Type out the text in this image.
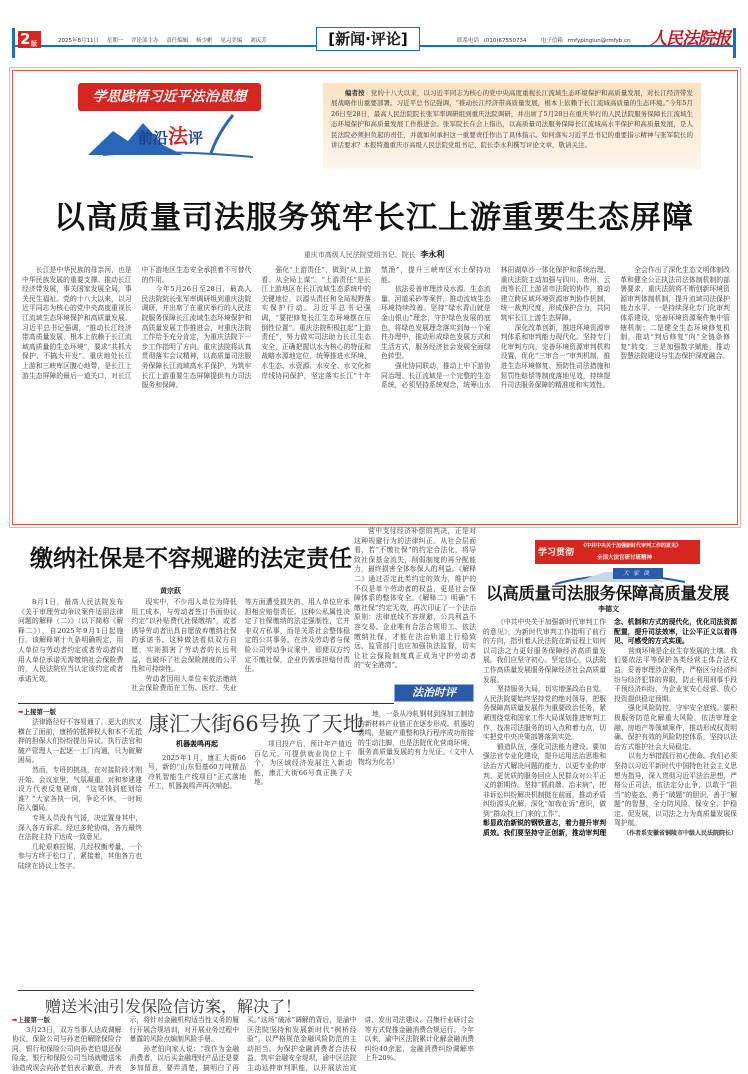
2 版	2025年8月11日 星期一 评论部主办 责任编辑 杨少彬 见习美编 刘庆芳	[新闻·评论]	联系电话 (010)67550734	电子信箱 rmfypinglun@rmfyb.cn 人民法院报
学思践悟习近平法治思想
前沿法评
编者按 党的十八大以来，以习近平同志为核心的党中央高度重视长江流域生态环境保护和高质量发展，对长江经济带发展战略作出重要部署。习近平总书记强调，“推动长江经济带高质量发展，根本上依赖于长江流域高质量的生态环境。”今年5月26日至28日，最高人民法院院长张军率调研组到重庆法院调研，并出席了5月28日在重庆举行的人民法院服务保障长江流域生态环境保护和高质量发展工作推进会。张军院长在会上指出，以高质量司法服务保障长江流域高水平保护和高质量发展，是人民法院必须担负起的责任，并就如何承担这一重要责任作出了具体指示。如何落实习近平总书记的重要指示精神与张军院长的讲话要求？本报特邀重庆市高级人民法院党组书记、院长李永利撰写评论文章，敬请关注。
以高质量司法服务筑牢长江上游重要生态屏障
重庆市高级人民法院党组书记、院长 李永利

长江是中华民族的母亲河，也是中华民族发展的重要支撑。推动长江经济带发展，事关国家发展全局，事关民生福祉。党的十八大以来，以习近平同志为核心的党中央高度重视长江流域生态环境保护和高质量发展。习近平总书记强调，“推动长江经济带高质量发展，根本上依赖于长江流域高质量的生态环境”，要求“共抓大保护、不搞大开发”。重庆地处长江上游和三峡库区腹心地带，是长江上游生态屏障的最后一道关口，对长江中下游地区生态安全承担着不可替代的作用。

今年5月26日至28日，最高人民法院院长张军率调研组到重庆法院调研，并出席了在重庆举行的人民法院服务保障长江流域生态环境保护和高质量发展工作推进会，对重庆法院工作给予充分肯定，为重庆法院下一步工作指明了方向。重庆法院将认真贯彻落实会议精神，以高质量司法服务保障长江流域高水平保护，为筑牢长江上游重要生态屏障提供有力司法服务和保障。

强化“上游责任”，做到“从上游看、从全局上谋”。“上游责任”是长江上游地区在长江流域生态系统中的关键地位，以源头责任和全局视野落实保护行动。习近平总书记强调，“要把修复长江生态环境摆在压倒性位置”。重庆法院积极扛起“上游责任”，努力做实司法助力长江生态安全，正确把握以水为核心的特征和战略水源地定位，统筹推进水环境、水生态、水资源、水安全、水文化和岸线协同保护，坚定落实长江“十年禁渔”，提升三峡库区水土保持功能。

依法妥善审理涉及水源、生态流量、河道采砂等案件，推动流域生态环境持续改善。坚持“绿水青山就是金山银山”理念，守护绿色发展的底色，将绿色发展理念落实到每一个案件办理中，推动形成绿色发展方式和生活方式，服务经济社会发展全面绿色转型。

强化协同联动，推动上中下游协同治理。长江流域是一个完整的生态系统，必须坚持系统观念，统筹山水林田湖草沙一体化保护和系统治理。重庆法院主动加强与四川、贵州、云南等长江上游省市法院的协作，推动建立跨区域环境资源审判协作机制，统一裁判尺度，形成保护合力，共同筑牢长江上游生态屏障。

深化改革创新，推进环境资源审判体系和审判能力现代化。坚持专门化审判方向，完善环境资源审判机构设置，优化“三审合一”审判机制，推进生态环境修复、预防性司法措施和惩罚性赔偿等制度落地见效，持续提升司法服务保障的精准度和实效性。

全会作出了深化生态文明体制改革和健全公正执法司法体制机制的部署要求，重庆法院将不断创新环境资源审判体制机制，提升流域司法保护能力水平。一是持续深化专门化审判体系建设，完善环境资源案件集中管辖机制；二是健全生态环境修复机制，推动“判后修复”向“全链条修复”转变；三是加强数字赋能，推动智慧法院建设与生态保护深度融合。

缴纳社保是不容规避的法定责任
黄宗跃

8月1日，最高人民法院发布《关于审理劳动争议案件适用法律问题的解释（二）》（以下简称《解释二》），自2025年9月1日起施行。该解释第十九条明确规定，用人单位与劳动者约定或者劳动者向用人单位承诺无需缴纳社会保险费的，人民法院应当认定该约定或者承诺无效。

现实中，不少用人单位为降低用工成本，与劳动者签订书面协议约定“以补贴费代社保缴纳”，或者诱导劳动者出具自愿放弃缴纳社保的承诺书。这种做法看似双方自愿，实则损害了劳动者的长远利益，也破坏了社会保险制度的公平性和可持续性。

劳动者因用人单位未依法缴纳社会保险费而在工伤、医疗、失业等方面遭受损失的，用人单位应承担相应赔偿责任。这种公私属性决定了社保缴纳的法定强制性，它并非双方私事，而是关系社会整体稳定的公共事务。在涉及劳动者与保险公司劳动争议案中，即便双方约定不缴社保，企业仍需承担赔付责任。

营中支付经济补偿的判决，正是对这种规避行为的法律纠正。从社会层面看，若“不缴社保”的约定合法化，将导致社保基金流失，削弱制度的再分配能力，最终损害全体参保人的利益。《解释二》通过否定此类约定的效力，维护的不仅是单个劳动者的权益，更是社会保障体系的整体安全。《解释二》明确“不缴社保”约定无效，再次印证了一个法治原则：法律底线不容规避，公共利益不容交易。企业唯有合法合规用工、依法缴纳社保，才能在法治轨道上行稳致远，监管部门也应加强执法监督，切实让社会保险制度真正成为守护劳动者的“安全港湾”。

法治时评
学习贯彻
《中共中央关于加强新时代审判工作的意见》
全国大法官研讨班精神
大家谈
以高质量司法服务保障高质量发展
李德文

《中共中央关于加强新时代审判工作的意见》，为新时代审判工作指明了前行的方向，指引着人民法院在新征程上如何以司法之力更好服务保障经济高质量发展。我们应坚守初心、坚定信心，以法院工作高质量发展服务保障经济社会高质量发展。

坚持服务大局，切实增强政治自觉。人民法院要始终坚持党的绝对领导，把服务保障高质量发展作为重要政治任务，紧紧围绕党和国家工作大局谋划推进审判工作，找准司法服务的切入点和着力点，切实把党中央决策部署落到实处。

锻造队伍，强化司法能力建设。要加强法官专业化建设，提升运用法治思维和法治方式解决问题的能力，以更专业的审判、更优质的服务回应人民群众对公平正义的新期待。坚持“抓前端、治未病”，把非诉讼纠纷解决机制挺在前面，推动矛盾纠纷源头化解，深化“如我在诉”意识，做到“群众找上门来的工作”。

彰显政治新锐的钢铁意志，着力提升审判质效。我们要坚持守正创新，推动审判理念、机制和方式的现代化，优化司法资源配置，提升司法效率，让公平正义以看得见、可感受的方式实现。

营商环境是企业生存发展的土壤。我们要依法平等保护各类经营主体合法权益，妥善审理涉企案件，严格区分经济纠纷与经济犯罪的界限，防止利用刑事手段干预经济纠纷，为企业家安心经营、放心投资提供稳定预期。

强化风险防控，守牢安全底线。要积极服务防范化解重大风险，依法审理金融、房地产等领域案件，推动形成权责明确、保护有效的风险防控体系，坚持以法治方式维护社会大局稳定。

以有力举措践行初心使命。我们必须坚持以习近平新时代中国特色社会主义思想为指导，深入贯彻习近平法治思想，严格公正司法，依法定分止争，以敢于“担当”的姿态、勇于“破题”的胆识、善于“解题”的智慧，全力防风险、保安全、护稳定、促发展，以司法之力为高质量发展保驾护航。

（作者系安徽省铜陵市中级人民法院院长）

➡上接第一版	康汇大街66号换了天地

法律路径好不容易通了，更大的坎又横在了面前，康桥的抵押权人和本不无抵押的担保人们纷纷提出异议。执行法官和破产管理人一起逐一上门沟通，只为破解困局。

然而，专班的挑战，在对接阶段才刚开始。会议室里，气氛凝重。对和参建建设方代表反复磋商，“这笔钱到底划给谁？”大家各执一词，争论不休，一时间陷入僵局。

专班人员没有气馁，决定置身其中，深入各方诉求。经过多轮协商，各方最终在法院主持下达成一致意见。

几轮艰难拉锯，几经权衡考量，一个参与方终于松口了，紧接着，其他各方也陆续在协议上签字。

机器轰鸣再起

2025年1月，康汇大街66号，新的“山东恒基60万吨精品冷轧智能生产线项目”正式落地开工，机器轰鸣声再次响起。

项目投产后，预计年产值近百亿元，可提供就业岗位上千个，为区域经济发展注入新动能，康汇大街66号真正换了天地。

地，一条从冷轧钢材到深加工制造的新材料产业链正在逐步形成。机器的轰鸣，是破产重整和执行程序成功衔接的生动注脚，也是法院优化营商环境、服务高质量发展的有力见证。（文中人物均为化名）

赠送米油引发保险信访案，解决了！

➡上接第一版

3月23日，双方当事人达成调解协议，保险公司与孙老伯解除保险合同，银行和保险公司向孙老伯退还保险金，银行和保险公司当场就赠送米油造成误会向孙老伯表示歉意，并表示，将针对金融机构适当性义务的履行开展合规培训，对开展业务过程中暴露的风险点编制风险手册。

孙老伯向家人说：“我作为金融消费者，以后买金融理财产品还是要多加留意，要弄清楚，搞明白了再买。”这场“破冰”调解的背后，是渝中区法院坚持和发展新时代“枫桥经验”，以严格规范金融风险防范的主动担当。为保护金融消费者合法权益，筑牢金融安全堤坝，渝中区法院主动延伸审判职能，以开展法治宣讲、发出司法建议、召集行业研讨会等方式促推金融消费合规运行。今年以来，渝中区法院累计化解金融消费纠纷40余起，金融消费纠纷调解率上升20%。
